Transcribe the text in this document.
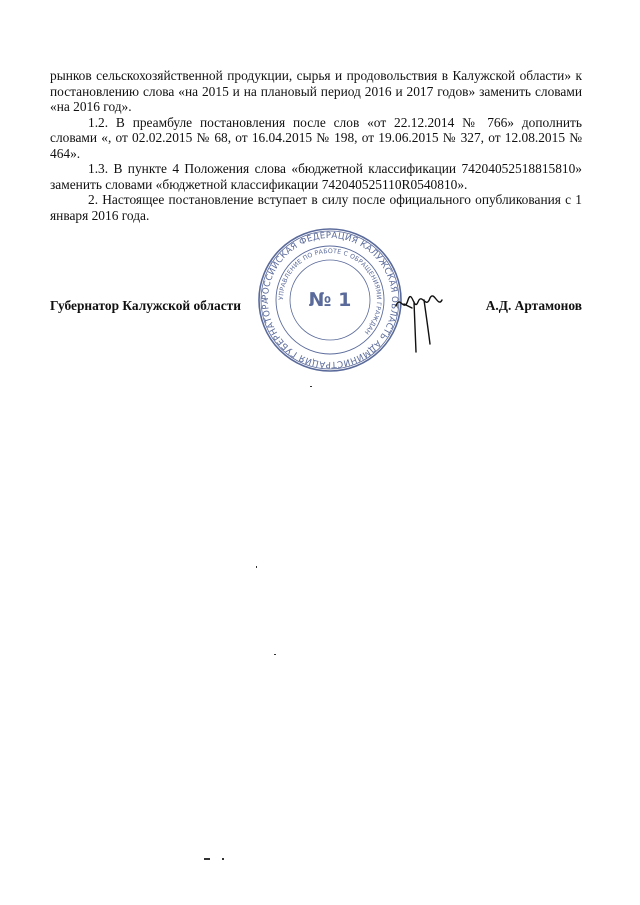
рынков сельскохозяйственной продукции, сырья и продовольствия в Калужской области» к постановлению слова «на 2015 и на плановый период 2016 и 2017 годов» заменить словами «на 2016 год».

1.2. В преамбуле постановления после слов «от 22.12.2014 № 766» дополнить словами «, от 02.02.2015 № 68, от 16.04.2015 № 198, от 19.06.2015 № 327, от 12.08.2015 № 464».

1.3. В пункте 4 Положения слова «бюджетной классификации 74204052518815810» заменить словами «бюджетной классификации 742040525110R0540810».

2. Настоящее постановление вступает в силу после официального опубликования с 1 января 2016 года.

Губернатор Калужской области	А.Д. Артамонов
РОССИЙСКАЯ ФЕДЕРАЦИЯ КАЛУЖСКАЯ ОБЛАСТЬ АДМИНИСТРАЦИЯ ГУБЕРНАТОРА	УПРАВЛЕНИЕ ПО РАБОТЕ С ОБРАЩЕНИЯМИ ГРАЖДАН
№ 1
